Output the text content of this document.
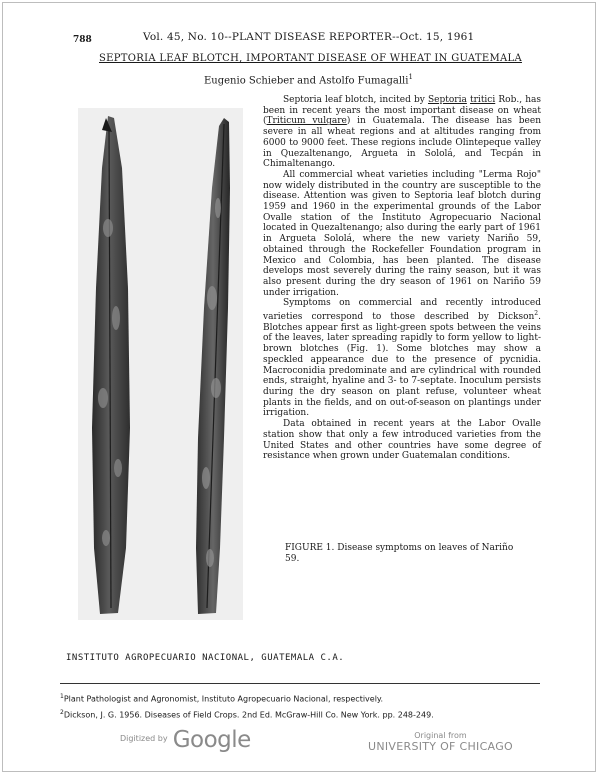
788	Vol. 45, No. 10--PLANT DISEASE REPORTER--Oct. 15, 1961
SEPTORIA LEAF BLOTCH, IMPORTANT DISEASE OF WHEAT IN GUATEMALA
Eugenio Schieber and Astolfo Fumagalli$^1$

Septoria leaf blotch, incited by Septoria tritici Rob., has been in recent years the most important disease on wheat (Triticum vulgare) in Guatemala. The disease has been severe in all wheat regions and at altitudes ranging from 6000 to 9000 feet. These regions include Olintepeque valley in Quezaltenango, Argueta in Sololá, and Tecpán in Chimaltenango.

All commercial wheat varieties including "Lerma Rojo" now widely distributed in the country are susceptible to the disease. Attention was given to Septoria leaf blotch during 1959 and 1960 in the experimental grounds of the Labor Ovalle station of the Instituto Agropecuario Nacional located in Quezaltenango; also during the early part of 1961 in Argueta Sololá, where the new variety Nariño 59, obtained through the Rockefeller Foundation program in Mexico and Colombia, has been planted. The disease develops most severely during the rainy season, but it was also present during the dry season of 1961 on Nariño 59 under irrigation.

Symptoms on commercial and recently introduced varieties correspond to those described by Dickson$^2$. Blotches appear first as light-green spots between the veins of the leaves, later spreading rapidly to form yellow to light-brown blotches (Fig. 1). Some blotches may show a speckled appearance due to the presence of pycnidia. Macroconidia predominate and are cylindrical with rounded ends, straight, hyaline and 3- to 7-septate. Inoculum persists during the dry season on plant refuse, volunteer wheat plants in the fields, and on out-of-season on plantings under irrigation.

Data obtained in recent years at the Labor Ovalle station show that only a few introduced varieties from the United States and other countries have some degree of resistance when grown under Guatemalan conditions.

FIGURE 1. Disease symptoms on leaves of Nariño 59.
INSTITUTO AGROPECUARIO NACIONAL, GUATEMALA C.A.
$^1$Plant Pathologist and Agronomist, Instituto Agropecuario Nacional, respectively.
$^2$Dickson, J. G. 1956. Diseases of Field Crops. 2nd Ed. McGraw-Hill Co. New York. pp. 248-249.
$^{Digitized by}$ Google	Original from
UNIVERSITY OF CHICAGO
